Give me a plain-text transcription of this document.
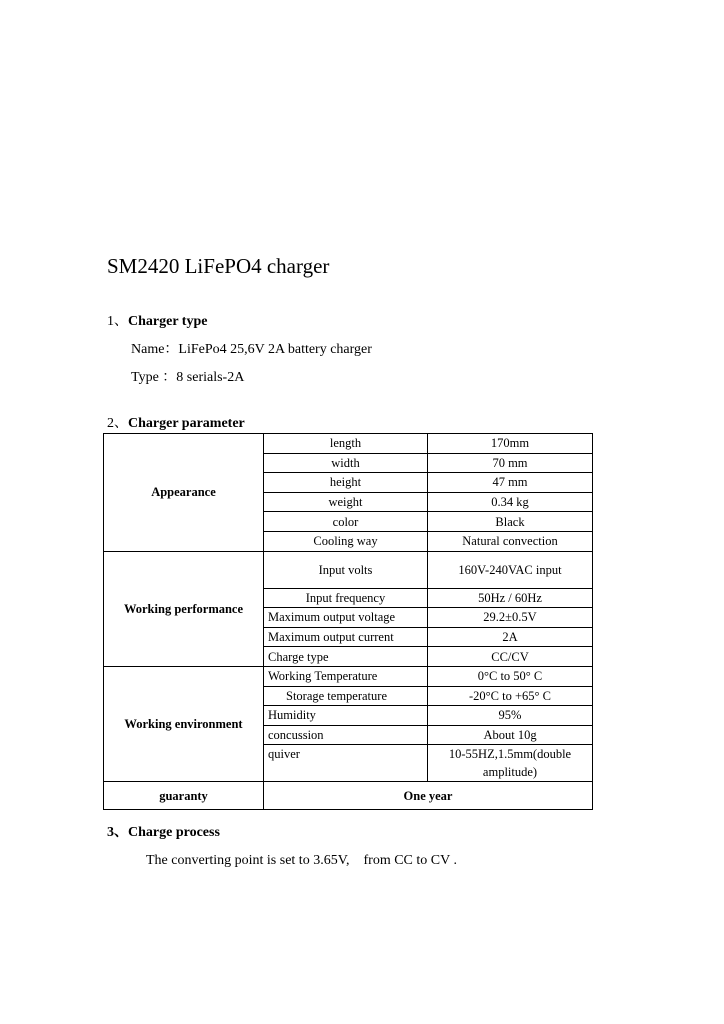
SM2420 LiFePO4 charger
1、Charger type
Name：LiFePo4 25,6V 2A battery charger
Type ：8 serials-2A
2、Charger parameter
Appearance	length	170mm
	width	70 mm
	height	47 mm
	weight	0.34 kg
	color	Black
	Cooling way	Natural convection
Working performance	Input volts	160V-240VAC input
	Input frequency	50Hz / 60Hz
	Maximum output voltage	29.2±0.5V
	Maximum output current	2A
	Charge type	CC/CV
Working environment	Working Temperature	0°C to 50° C
	Storage temperature	-20°C to +65° C
	Humidity	95%
	concussion	About 10g
	quiver	10-55HZ,1.5mm(double amplitude)
guaranty	One year	
3、Charge process
The converting point is set to 3.65V,　from CC to CV .
